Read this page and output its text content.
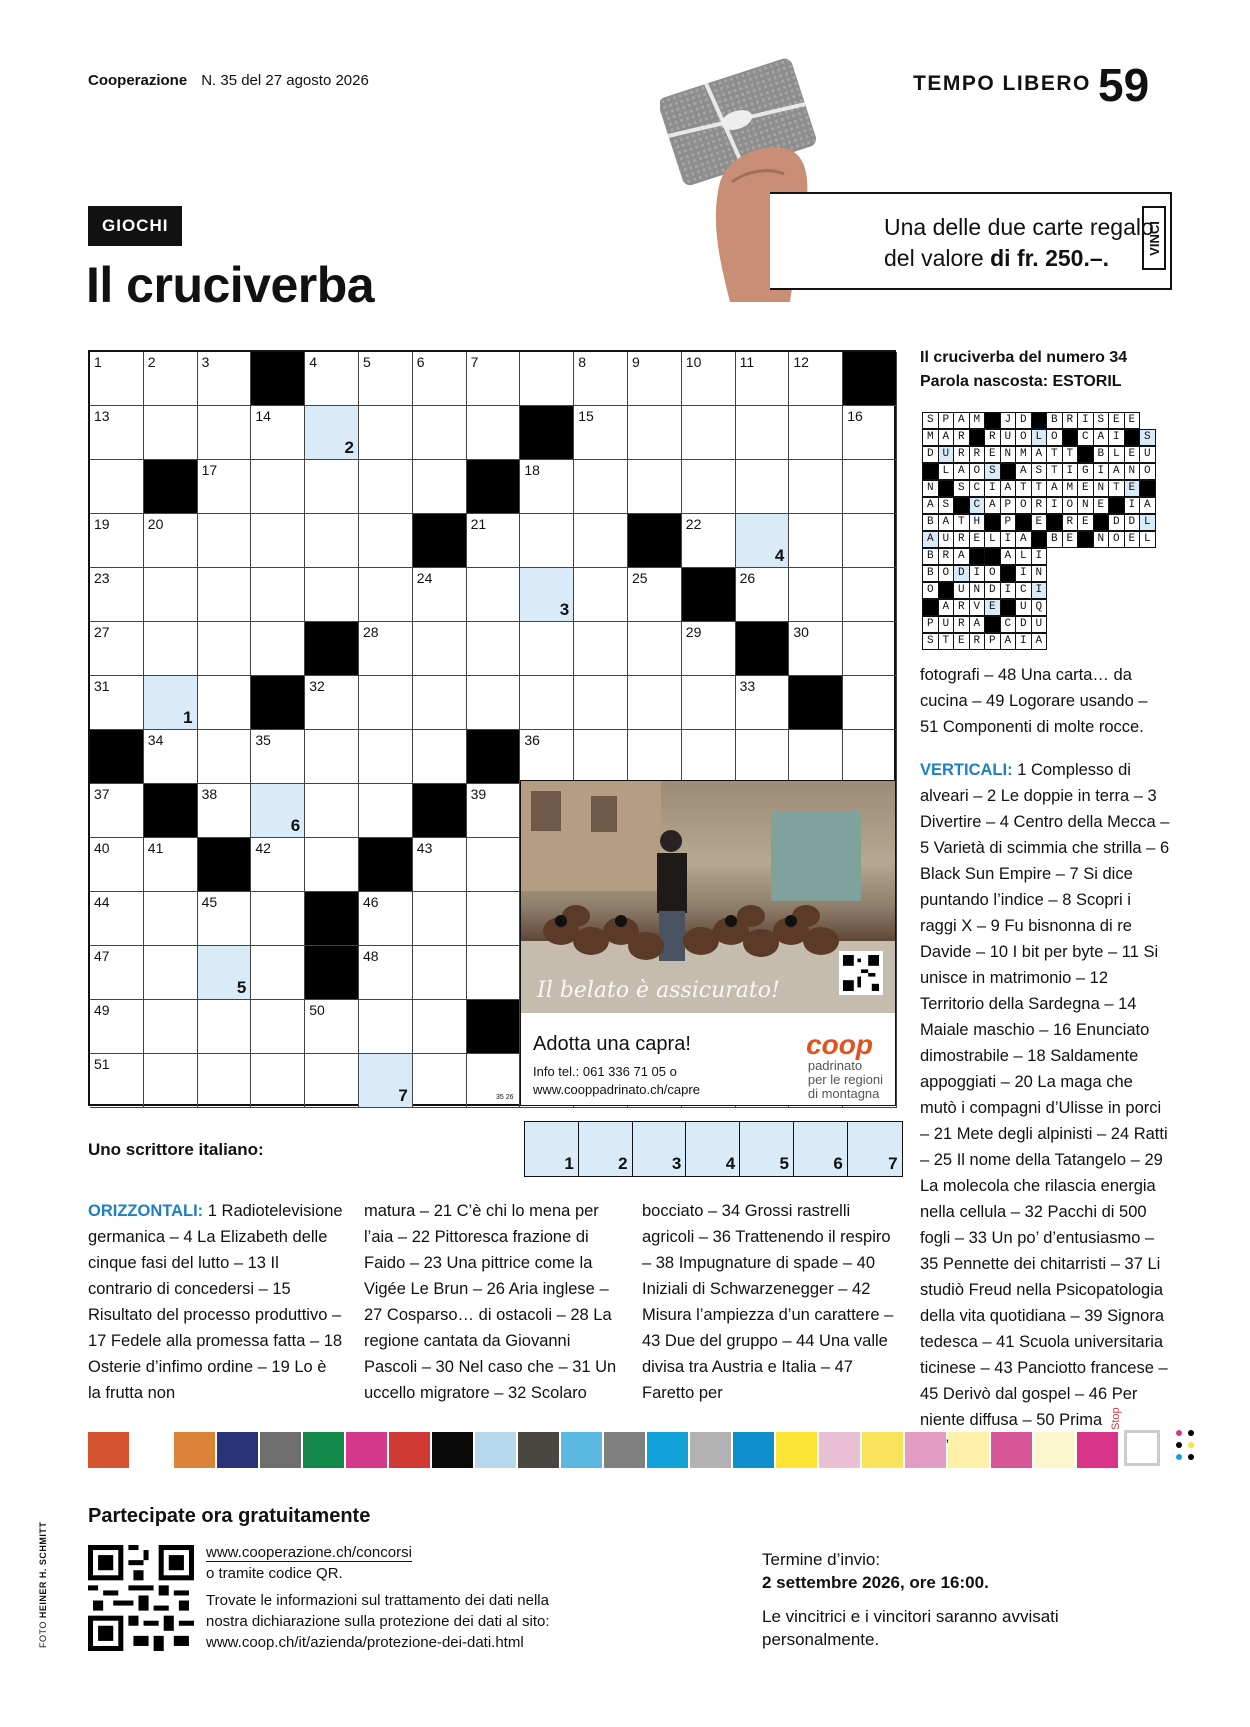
Cooperazione N. 35 del 27 agosto 2026	TEMPO LIBERO 59
Una delle due carte regalo
del valore di fr. 250.–.
VINCI
GIOCHI
Il cruciverba
1	2	3	4	5	6	7	8	9	10	11	12
13	14
2
15	16
17	18
19	20	21	22
4
23	24
3
25	26
27	28	29	30
31
1
32	33
34	35	36
37	38
6
39
40	41	42	43
44	45	46
47
5
48
49	50
51
7
Il belato è assicurato!
Adotta una capra!
Info tel.: 061 336 71 05 o
www.cooppadrinato.ch/capre
coop
padrinato
per le regioni
di montagna
35 26
Il cruciverba del numero 34
Parola nascosta: ESTORIL
S P A M	J D	B R I S E E
M A R	R U O L O	C A I	S
D U R R E N M A T T	B L E U
L A O S	A S T I G I A N O
N	S C I A T T A M E N T E
A S	C A P O R I O N E	I A
B A T H	P	E	R E	D D L
A U R E L I A	B E	N O E L
B R A	A L I
B O D I O	I N
O	U N D I C I
A R V E	U Q
P U R A	C D U
S T E R P A I A
fotografi – 48 Una carta… da cucina – 49 Logorare usando – 51 Componenti di molte rocce.
VERTICALI: 1 Complesso di alveari – 2 Le doppie in terra – 3 Divertire – 4 Centro della Mecca – 5 Varietà di scimmia che strilla – 6 Black Sun Empire – 7 Si dice puntando l’indice – 8 Scopri i raggi X – 9 Fu bisnonna di re Davide – 10 I bit per byte – 11 Si unisce in matrimonio – 12 Territorio della Sardegna – 14 Maiale maschio – 16 Enunciato dimostrabile – 18 Saldamente appoggiati – 20 La maga che mutò i compagni d’Ulisse in porci – 21 Mete degli alpinisti – 24 Ratti – 25 Il nome della Tatangelo – 29 La molecola che rilascia energia nella cellula – 32 Pacchi di 500 fogli – 33 Un po’ d’entusiasmo – 35 Pennette dei chitarristi – 37 Li studiò Freud nella Psicopatologia della vita quotidiana – 39 Signora tedesca – 41 Scuola universitaria ticinese – 43 Panciotto francese – 45 Derivò dal gospel – 46 Per niente diffusa – 50 Prima
Uno scrittore italiano:
1	2	3	4	5	6	7
ORIZZONTALI: 1 Radiotelevisione germanica – 4 La Elizabeth delle cinque fasi del lutto – 13 Il contrario di concedersi – 15 Risultato del processo produttivo – 17 Fedele alla promessa fatta – 18 Osterie d’infimo ordine – 19 Lo è la frutta non
matura – 21 C’è chi lo mena per l’aia – 22 Pittoresca frazione di Faido – 23 Una pittrice come la Vigée Le Brun – 26 Aria inglese – 27 Cosparso… di ostacoli – 28 La regione cantata da Giovanni Pascoli – 30 Nel caso che – 31 Un uccello migratore – 32 Scolaro
bocciato – 34 Grossi rastrelli agricoli – 36 Trattenendo il respiro – 38 Impugnature di spade – 40 Iniziali di Schwarzenegger – 42 Misura l’ampiezza d’un carattere – 43 Due del gruppo – 44 Una valle divisa tra Austria e Italia – 47 Faretto per
Stop
Partecipate ora gratuitamente
www.cooperazione.ch/concorsi
o tramite codice QR.
Trovate le informazioni sul trattamento dei dati nella
nostra dichiarazione sulla protezione dei dati al sito:
www.coop.ch/it/azienda/protezione-dei-dati.html
Termine d’invio:
2 settembre 2026, ore 16:00.
Le vincitrici e i vincitori saranno avvisati
personalmente.
FOTO HEINER H. SCHMITT
